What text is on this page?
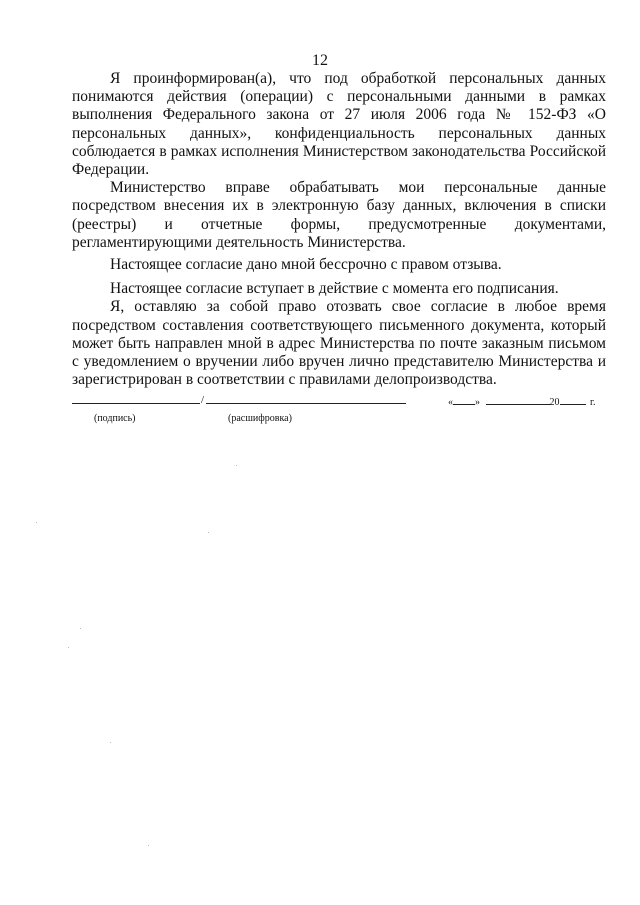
12

Я проинформирован(а), что под обработкой персональных данных понимаются действия (операции) с персональными данными в рамках выполнения Федерального закона от 27 июля 2006 года № 152-ФЗ «О персональных данных», конфиденциальность персональных данных соблюдается в рамках исполнения Министерством законодательства Российской Федерации.

Министерство вправе обрабатывать мои персональные данные посредством внесения их в электронную базу данных, включения в списки (реестры) и отчетные формы, предусмотренные документами, регламентирующими деятельность Министерства.

Настоящее согласие дано мной бессрочно с правом отзыва.

Настоящее согласие вступает в действие с момента его подписания.

Я, оставляю за собой право отозвать свое согласие в любое время посредством составления соответствующего письменного документа, который может быть направлен мной в адрес Министерства по почте заказным письмом с уведомлением о вручении либо вручен лично представителю Министерства и зарегистрирован в соответствии с правилами делопроизводства.

/
(подпись)	(расшифровка)
« »	20	г.
